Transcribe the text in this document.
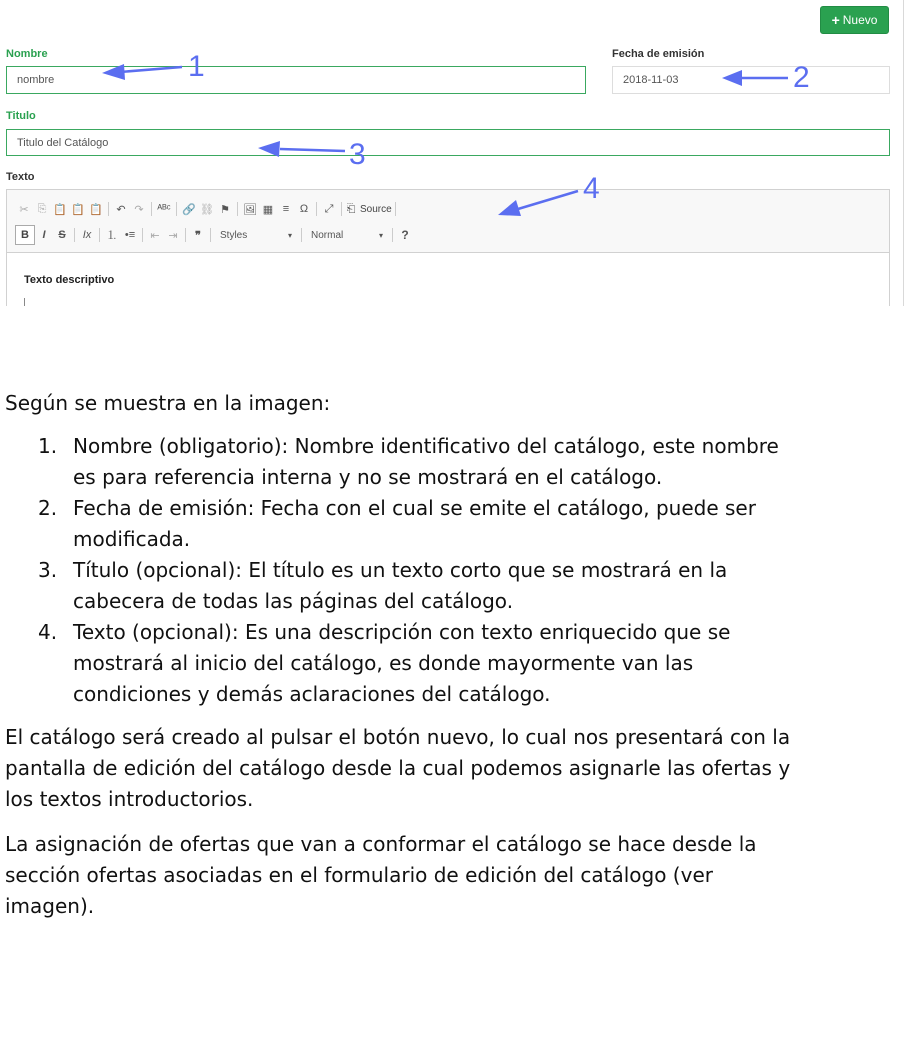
+ Nuevo
Nombre
nombre
Fecha de emisión
2018-11-03
Titulo
Titulo del Catálogo
Texto
✂ ⎘ 📋 📋 📋	↶ ↷	ᴬᴮᶜ 🔗 ⛓ ⚑	🖼 ▦ ≡ Ω	⤢	⎗ Source
B	I	S	Ix	⒈ •≡	⇤ ⇥	❞	Styles	▾ Normal	▾	?
Texto descriptivo
1	2
3
4

Según se muestra en la imagen:

1. Nombre (obligatorio): Nombre identificativo del catálogo, este nombre
es para referencia interna y no se mostrará en el catálogo.
2. Fecha de emisión: Fecha con el cual se emite el catálogo, puede ser
modificada.
3. Título (opcional): El título es un texto corto que se mostrará en la
cabecera de todas las páginas del catálogo.
4. Texto (opcional): Es una descripción con texto enriquecido que se
mostrará al inicio del catálogo, es donde mayormente van las
condiciones y demás aclaraciones del catálogo.
El catálogo será creado al pulsar el botón nuevo, lo cual nos presentará con la
pantalla de edición del catálogo desde la cual podemos asignarle las ofertas y
los textos introductorios.
La asignación de ofertas que van a conformar el catálogo se hace desde la
sección ofertas asociadas en el formulario de edición del catálogo (ver
imagen).
